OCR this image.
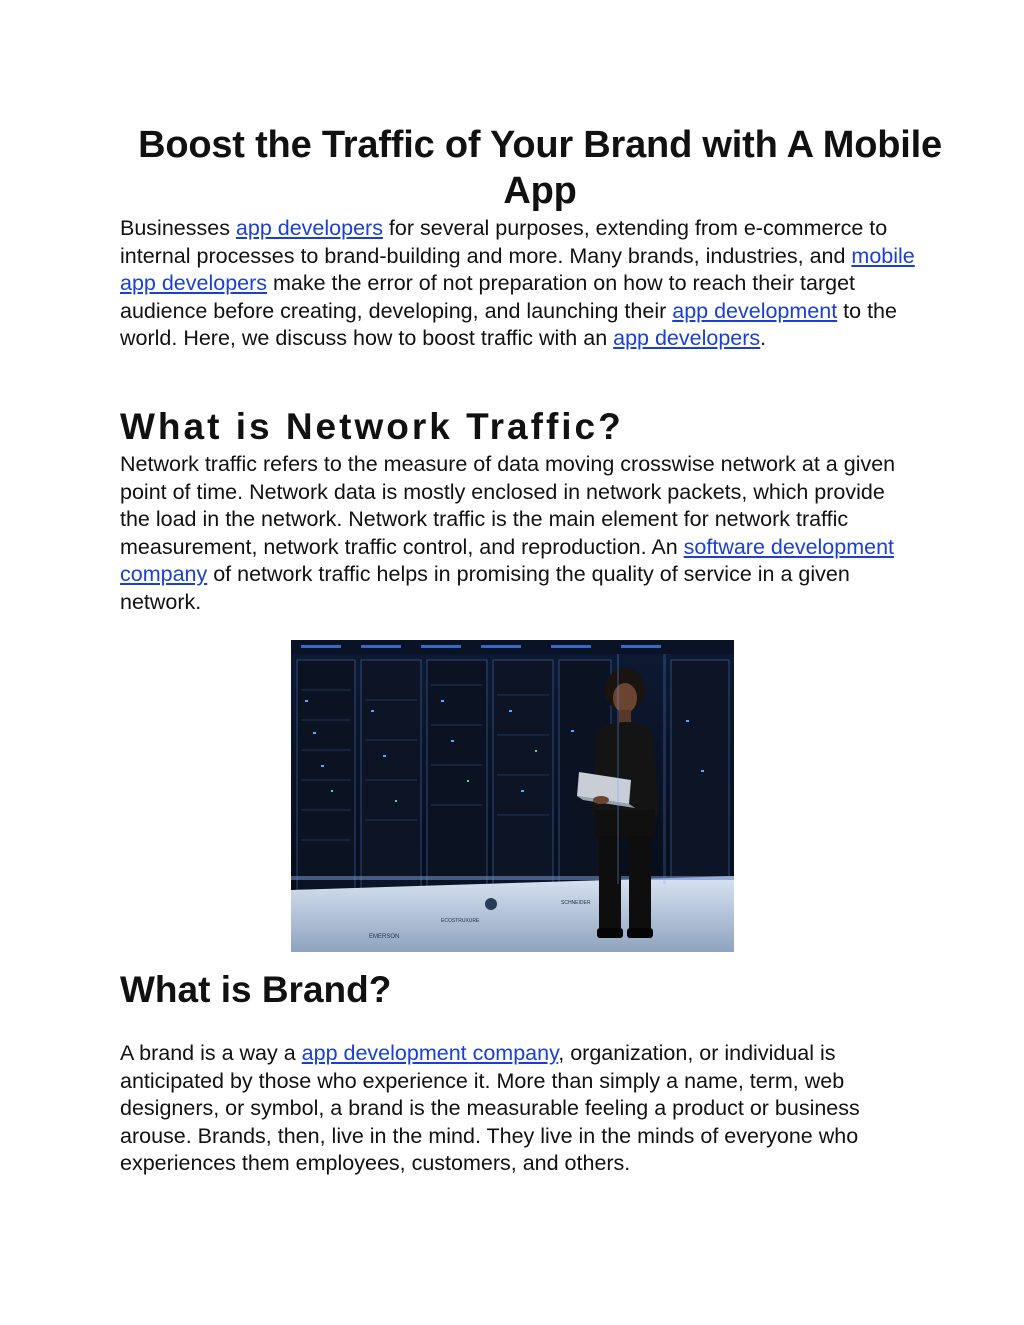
Boost the Traffic of Your Brand with A Mobile App

Businesses app developers for several purposes, extending from e-commerce to internal processes to brand-building and more. Many brands, industries, and mobile app developers make the error of not preparation on how to reach their target audience before creating, developing, and launching their app development to the world. Here, we discuss how to boost traffic with an app developers.

What is Network Traffic?

Network traffic refers to the measure of data moving crosswise network at a given point of time. Network data is mostly enclosed in network packets, which provide the load in the network. Network traffic is the main element for network traffic measurement, network traffic control, and reproduction. An software development company of network traffic helps in promising the quality of service in a given network.

EMERSON
SCHNEIDER
ECOSTRUXURE
What is Brand?

A brand is a way a app development company, organization, or individual is anticipated by those who experience it. More than simply a name, term, web designers, or symbol, a brand is the measurable feeling a product or business arouse. Brands, then, live in the mind. They live in the minds of everyone who experiences them employees, customers, and others.
